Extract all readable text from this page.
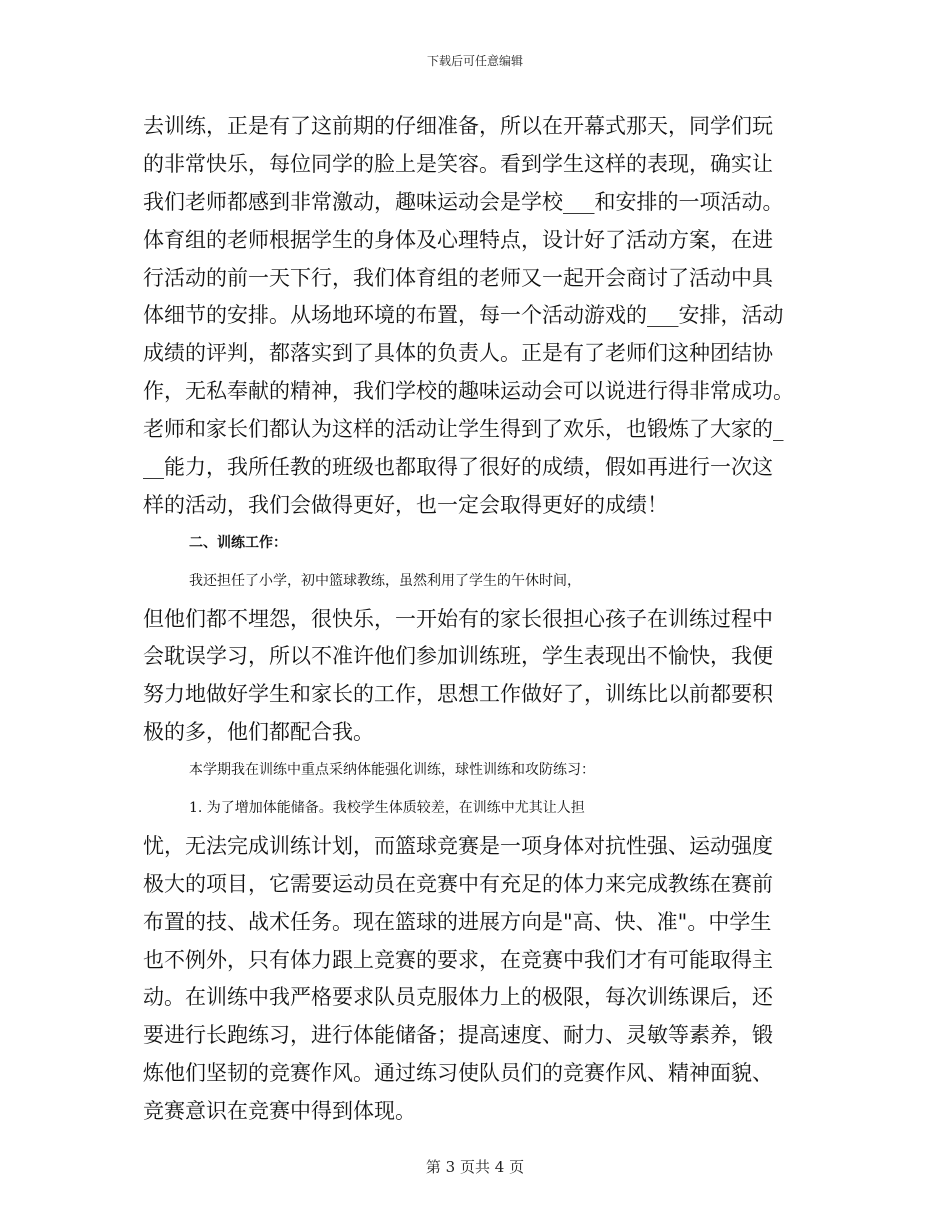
下载后可任意编辑
去训练，正是有了这前期的仔细准备，所以在开幕式那天，同学们玩
的非常快乐，每位同学的脸上是笑容。看到学生这样的表现，确实让
我们老师都感到非常激动，趣味运动会是学校___和安排的一项活动。
体育组的老师根据学生的身体及心理特点，设计好了活动方案，在进
行活动的前一天下行，我们体育组的老师又一起开会商讨了活动中具
体细节的安排。从场地环境的布置，每一个活动游戏的___安排，活动
成绩的评判，都落实到了具体的负责人。正是有了老师们这种团结协
作，无私奉献的精神，我们学校的趣味运动会可以说进行得非常成功。
老师和家长们都认为这样的活动让学生得到了欢乐，也锻炼了大家的_
__能力，我所任教的班级也都取得了很好的成绩，假如再进行一次这
样的活动，我们会做得更好，也一定会取得更好的成绩！
二、训练工作：
我还担任了小学，初中篮球教练，虽然利用了学生的午休时间，
但他们都不埋怨，很快乐，一开始有的家长很担心孩子在训练过程中
会耽误学习，所以不准许他们参加训练班，学生表现出不愉快，我便
努力地做好学生和家长的工作，思想工作做好了，训练比以前都要积
极的多，他们都配合我。
本学期我在训练中重点采纳体能强化训练，球性训练和攻防练习：
1. 为了增加体能储备。我校学生体质较差，在训练中尤其让人担
忧，无法完成训练计划，而篮球竞赛是一项身体对抗性强、运动强度
极大的项目，它需要运动员在竞赛中有充足的体力来完成教练在赛前
布置的技、战术任务。现在篮球的进展方向是"高、快、准"。中学生
也不例外，只有体力跟上竞赛的要求，在竞赛中我们才有可能取得主
动。在训练中我严格要求队员克服体力上的极限，每次训练课后，还
要进行长跑练习，进行体能储备；提高速度、耐力、灵敏等素养，锻
炼他们坚韧的竞赛作风。通过练习使队员们的竞赛作风、精神面貌、
竞赛意识在竞赛中得到体现。
第 3 页共 4 页
